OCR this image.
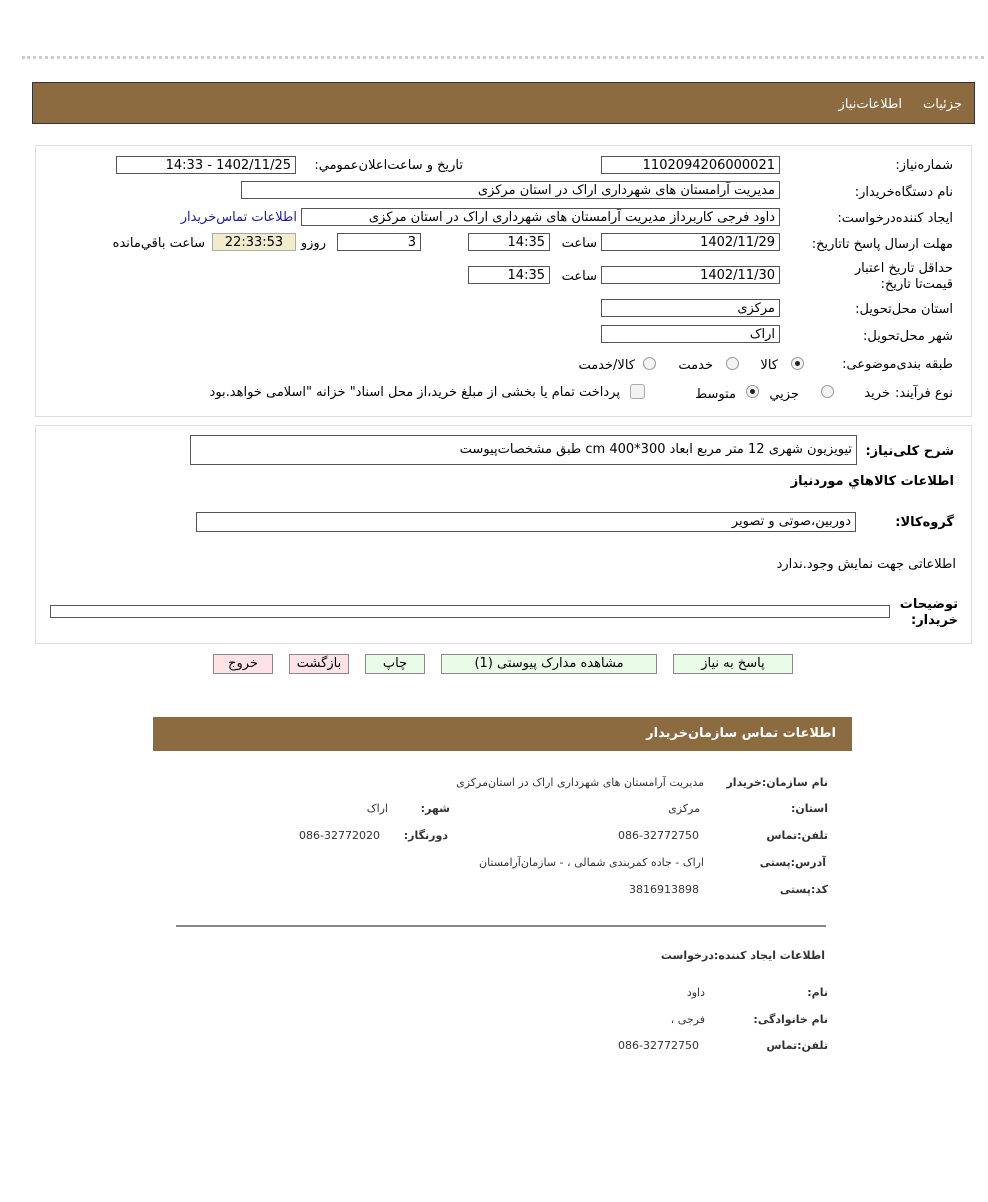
جزئيات
اطلاعات‌نياز
شماره‌نياز:
1102094206000021
تاريخ و ساعت‌اعلان‌عمومي:
1402/11/25 - 14:33
نام دستگاه‌خريدار:
مديريت آرامستان هاى شهردارى اراک در استان مرکزی
ايجاد کننده‌درخواست:
داود فرجی کاربرداز مديريت آرامستان هاى شهردارى اراک در استان مرکزی
اطلاعات تماس‌خريدار
مهلت ارسال پاسخ تا‌تاريخ:
1402/11/29
ساعت
14:35
3
روزو
22:33:53
ساعت باقي‌مانده
حداقل تاريخ اعتبار قيمت‌تا تاريخ:
1402/11/30
ساعت
14:35
استان محل‌تحويل:
مرکزی
شهر محل‌تحويل:
اراک
طبقه بندی‌موضوعی:
کالا
خدمت
کالا/خدمت
نوع فرآيند:
خريد
جزيي
متوسط
پرداخت تمام يا بخشی از مبلغ خريد،از محل اسناد" خزانه "اسلامی خواهد.بود
شرح کلی‌نياز:
تيويزيون شهری 12 متر مربع ابعاد 300*400 cm طبق مشخصات‌پيوست
اطلاعات کالاهاي موردنياز
گروه‌کالا:
دوربين،صوتی و تصوير
اطلاعاتی جهت نمايش وجود.ندارد
توضيحات خريدار:
پاسخ به نياز
مشاهده مدارک پيوستی (1)
چاپ
بازگشت
خروج
اطلاعات تماس سازمان‌خريدار
نام سازمان:خريدار
مديريت آرامستان هاى شهردارى اراک در استان‌مرکزی
استان:
مرکزی
شهر:
اراک
تلفن:تماس
086-32772750
دورنگار:
086-32772020
آدرس:پستی
اراک - جاده کمربندی شمالی ، - سازمان‌آرامستان
کد:پستی
3816913898
اطلاعات ايجاد کننده:درخواست
نام:
داود
نام خانوادگی:
فرجی ،
تلفن:تماس
086-32772750
